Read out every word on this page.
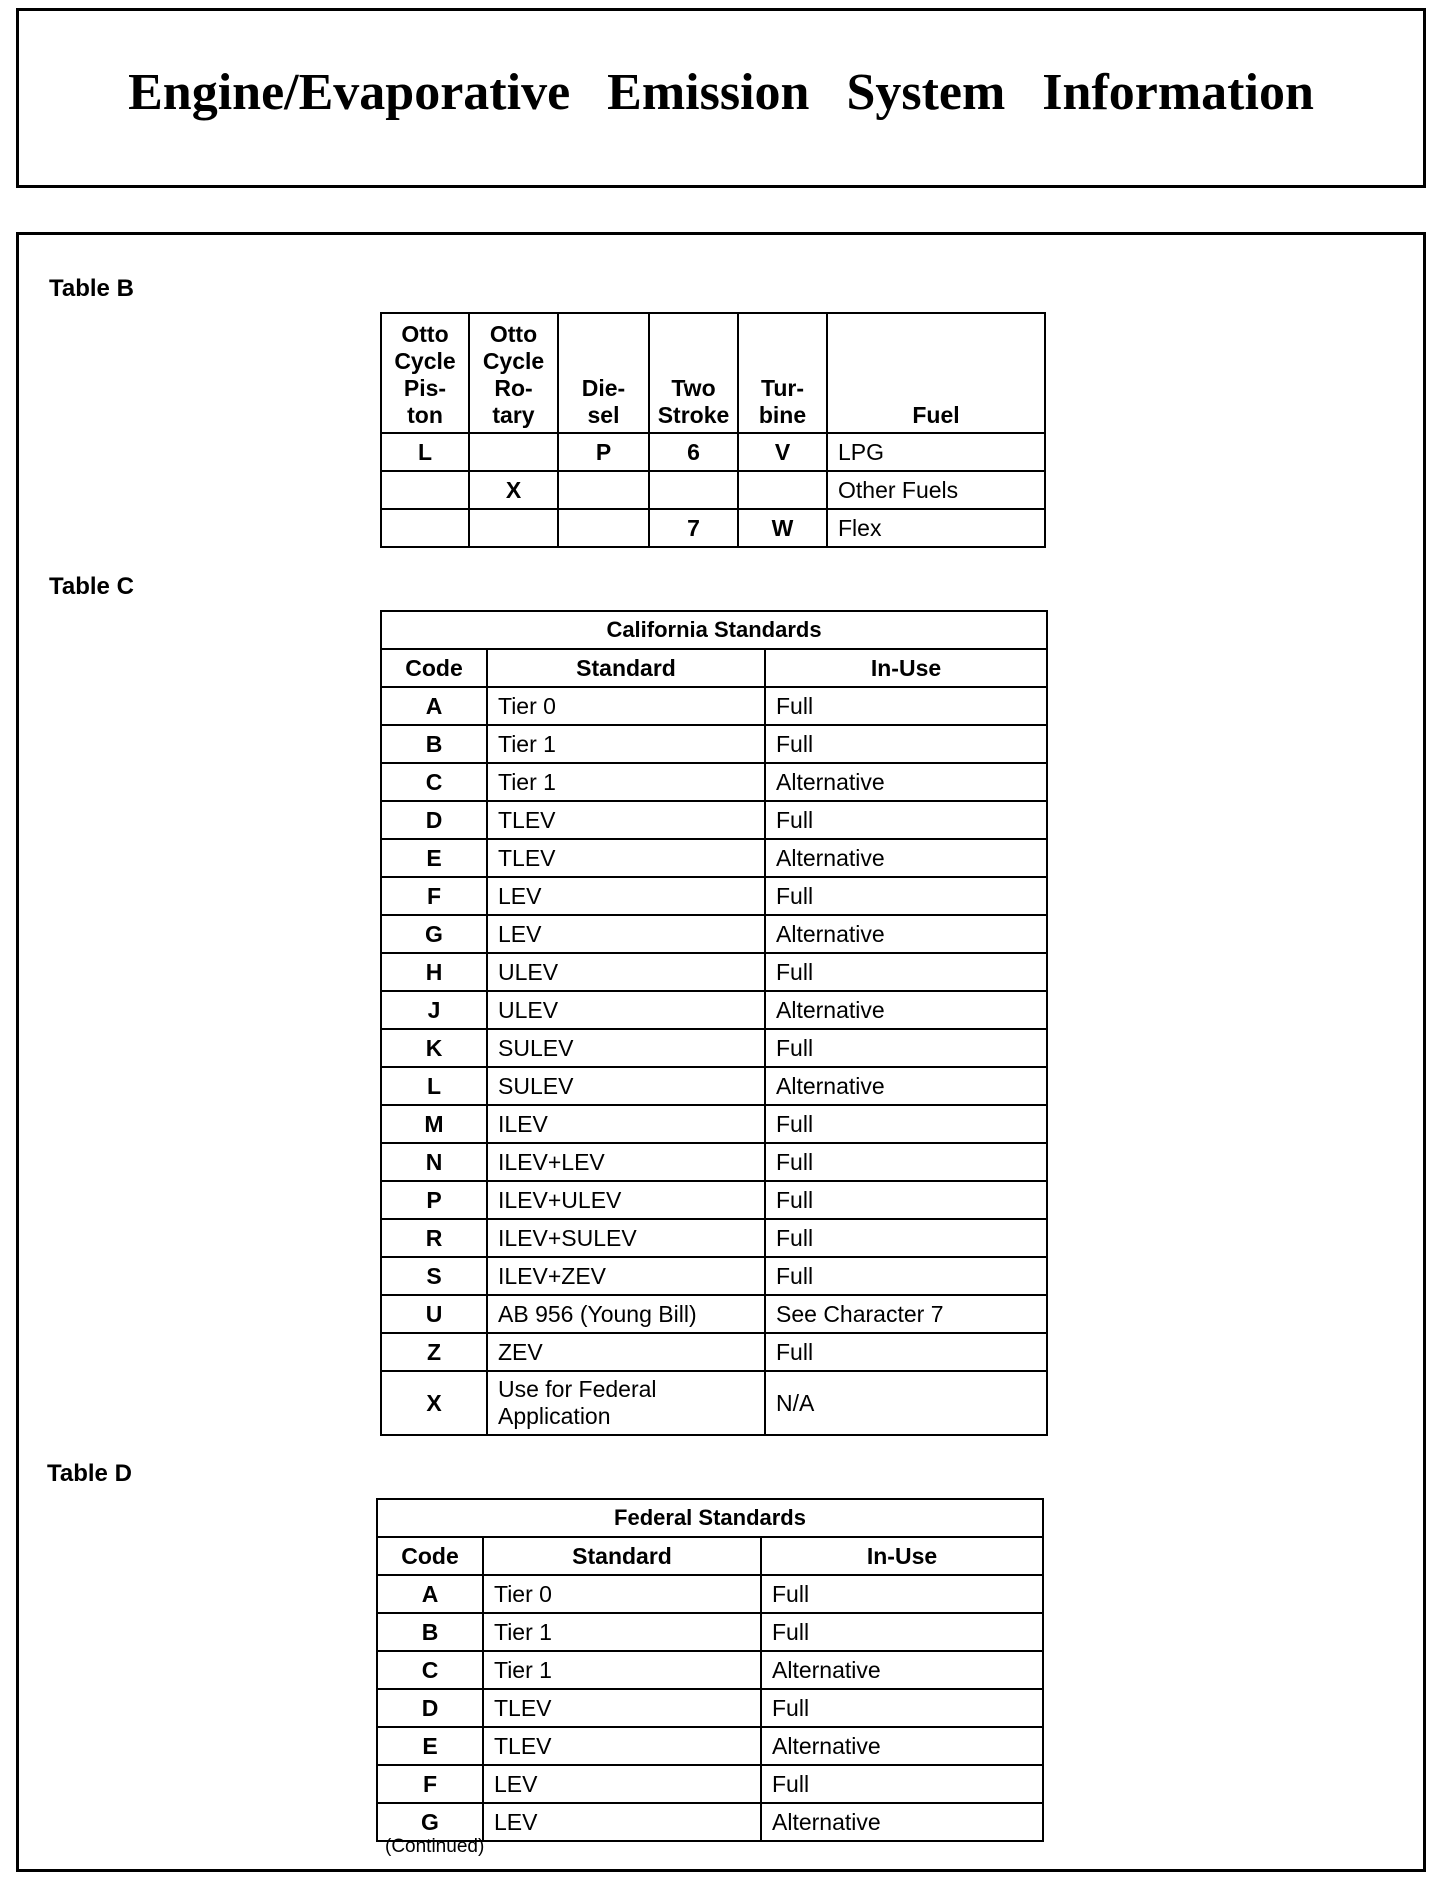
Engine/Evaporative Emission System Information
Table B
Otto
Cycle
Pis-
ton	Otto
Cycle
Ro-
tary	Die-
sel	Two
Stroke	Tur-
bine	Fuel
L		P	6	V	LPG
	X				Other Fuels
			7	W	Flex
Table C
California Standards		
Code	Standard	In-Use
A	Tier 0	Full
B	Tier 1	Full
C	Tier 1	Alternative
D	TLEV	Full
E	TLEV	Alternative
F	LEV	Full
G	LEV	Alternative
H	ULEV	Full
J	ULEV	Alternative
K	SULEV	Full
L	SULEV	Alternative
M	ILEV	Full
N	ILEV+LEV	Full
P	ILEV+ULEV	Full
R	ILEV+SULEV	Full
S	ILEV+ZEV	Full
U	AB 956 (Young Bill)	See Character 7
Z	ZEV	Full
X	Use for Federal Application	N/A
Table D
Federal Standards		
Code	Standard	In-Use
A	Tier 0	Full
B	Tier 1	Full
C	Tier 1	Alternative
D	TLEV	Full
E	TLEV	Alternative
F	LEV	Full
G	LEV	Alternative
(Continued)
